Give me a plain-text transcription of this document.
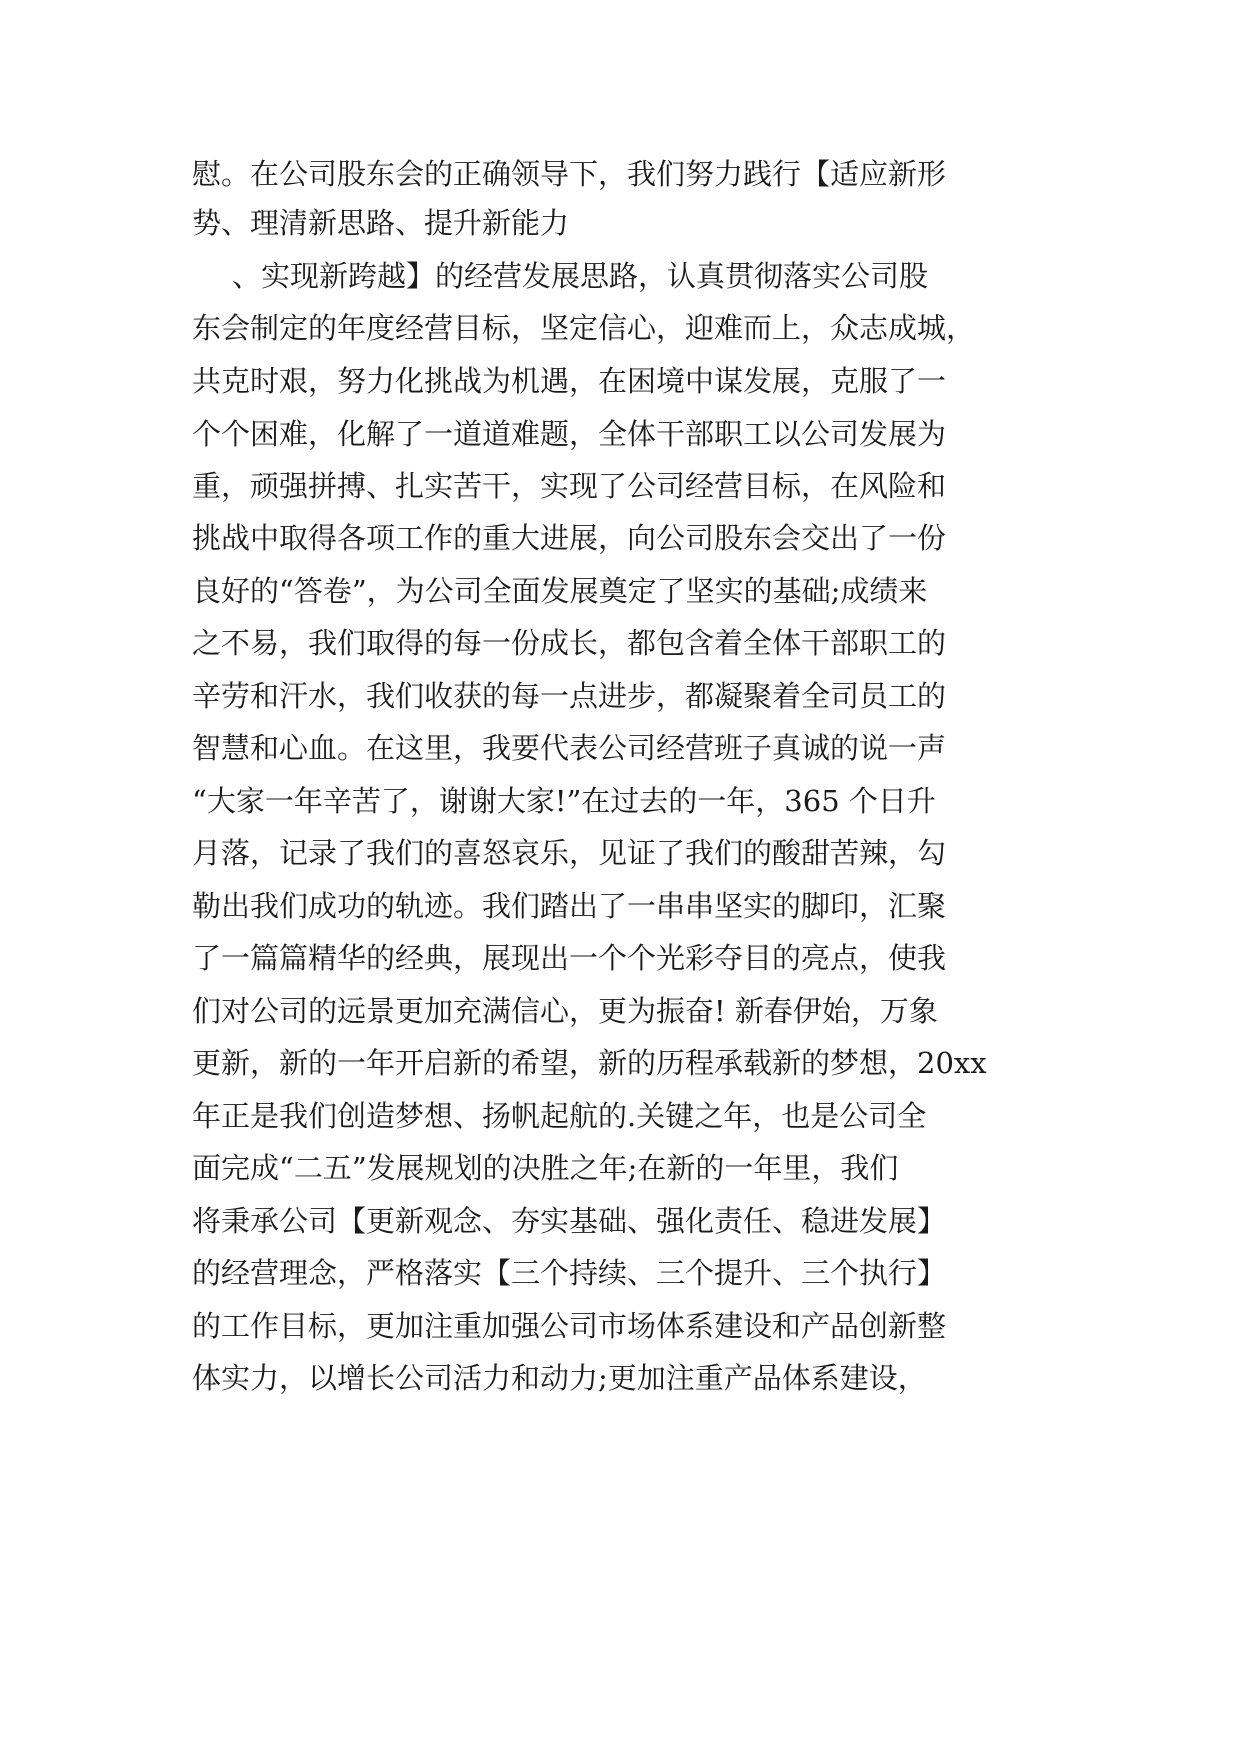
慰。在公司股东会的正确领导下，我们努力践行【适应新形
势、理清新思路、提升新能力
、实现新跨越】的经营发展思路，认真贯彻落实公司股
东会制定的年度经营目标，坚定信心，迎难而上，众志成城，
共克时艰，努力化挑战为机遇，在困境中谋发展，克服了一
个个困难，化解了一道道难题，全体干部职工以公司发展为
重，顽强拼搏、扎实苦干，实现了公司经营目标，在风险和
挑战中取得各项工作的重大进展，向公司股东会交出了一份
良好的“答卷”，为公司全面发展奠定了坚实的基础;成绩来
之不易，我们取得的每一份成长，都包含着全体干部职工的
辛劳和汗水，我们收获的每一点进步，都凝聚着全司员工的
智慧和心血。在这里，我要代表公司经营班子真诚的说一声
“大家一年辛苦了，谢谢大家!”在过去的一年，365 个日升
月落，记录了我们的喜怒哀乐，见证了我们的酸甜苦辣，勾
勒出我们成功的轨迹。我们踏出了一串串坚实的脚印，汇聚
了一篇篇精华的经典，展现出一个个光彩夺目的亮点，使我
们对公司的远景更加充满信心，更为振奋! 新春伊始，万象
更新，新的一年开启新的希望，新的历程承载新的梦想，20xx
年正是我们创造梦想、扬帆起航的.关键之年，也是公司全
面完成“二五”发展规划的决胜之年;在新的一年里，我们
将秉承公司【更新观念、夯实基础、强化责任、稳进发展】
的经营理念，严格落实【三个持续、三个提升、三个执行】
的工作目标，更加注重加强公司市场体系建设和产品创新整
体实力，以增长公司活力和动力;更加注重产品体系建设，
